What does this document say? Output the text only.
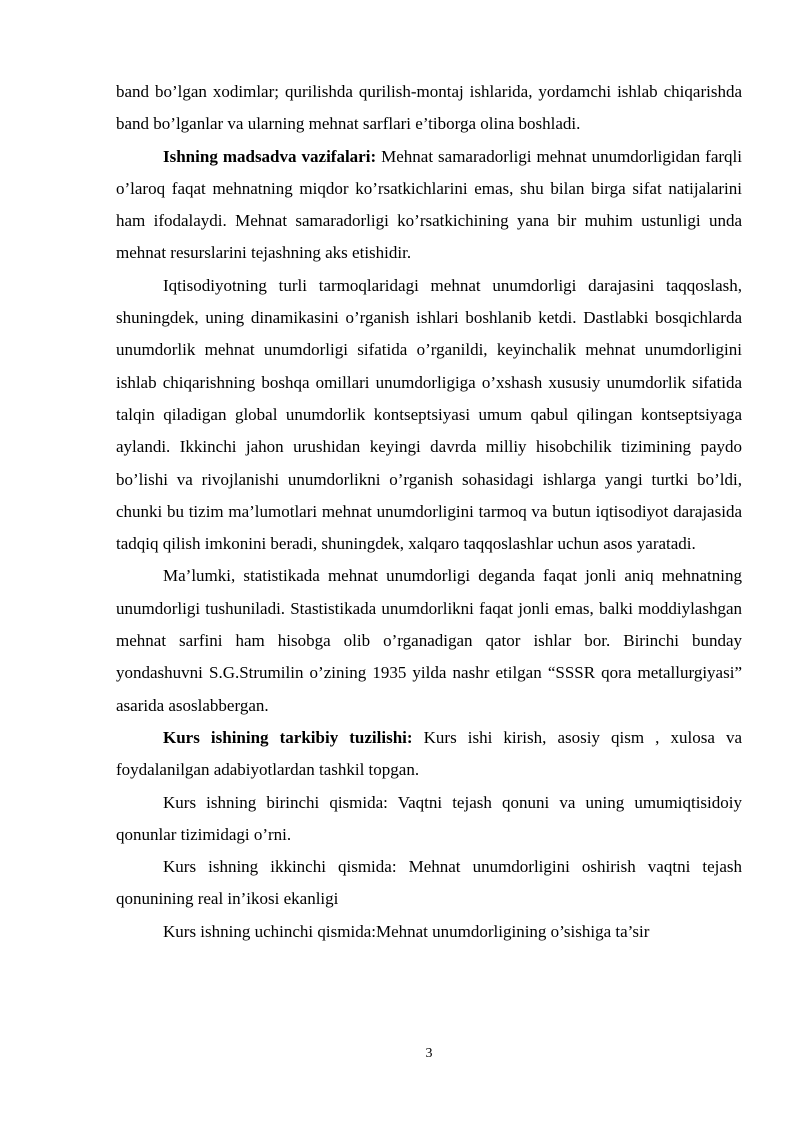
band bo’lgan xodimlar; qurilishda qurilish-montaj ishlarida, yordamchi ishlab chiqarishda band bo’lganlar va ularning mehnat sarflari e’tiborga olina boshladi.

Ishning madsadva vazifalari: Mehnat samaradorligi mehnat unumdorligidan farqli o’laroq faqat mehnatning miqdor ko’rsatkichlarini emas, shu bilan birga sifat natijalarini ham ifodalaydi. Mehnat samaradorligi ko’rsatkichining yana bir muhim ustunligi unda mehnat resurslarini tejashning aks etishidir.

Iqtisodiyotning turli tarmoqlaridagi mehnat unumdorligi darajasini taqqoslash, shuningdek, uning dinamikasini o’rganish ishlari boshlanib ketdi. Dastlabki bosqichlarda unumdorlik mehnat unumdorligi sifatida o’rganildi, keyinchalik mehnat unumdorligini ishlab chiqarishning boshqa omillari unumdorligiga o’xshash xususiy unumdorlik sifatida talqin qiladigan global unumdorlik kontseptsiyasi umum qabul qilingan kontseptsiyaga aylandi. Ikkinchi jahon urushidan keyingi davrda milliy hisobchilik tizimining paydo bo’lishi va rivojlanishi unumdorlikni o’rganish sohasidagi ishlarga yangi turtki bo’ldi, chunki bu tizim ma’lumotlari mehnat unumdorligini tarmoq va butun iqtisodiyot darajasida tadqiq qilish imkonini beradi, shuningdek, xalqaro taqqoslashlar uchun asos yaratadi.

Ma’lumki, statistikada mehnat unumdorligi deganda faqat jonli aniq mehnatning unumdorligi tushuniladi. Stastistikada unumdorlikni faqat jonli emas, balki moddiylashgan mehnat sarfini ham hisobga olib o’rganadigan qator ishlar bor. Birinchi bunday yondashuvni S.G.Strumilin o’zining 1935 yilda nashr etilgan “SSSR qora metallurgiyasi” asarida asoslabbergan.

Kurs ishining tarkibiy tuzilishi: Kurs ishi kirish, asosiy qism , xulosa va foydalanilgan adabiyotlardan tashkil topgan.

Kurs ishning birinchi qismida: Vaqtni tejash qonuni va uning umumiqtisidoiy qonunlar tizimidagi o’rni.

Kurs ishning ikkinchi qismida: Mehnat unumdorligini oshirish vaqtni tejash qonunining real in’ikosi ekanligi

Kurs ishning uchinchi qismida:Mehnat unumdorligining o’sishiga ta’sir

3
